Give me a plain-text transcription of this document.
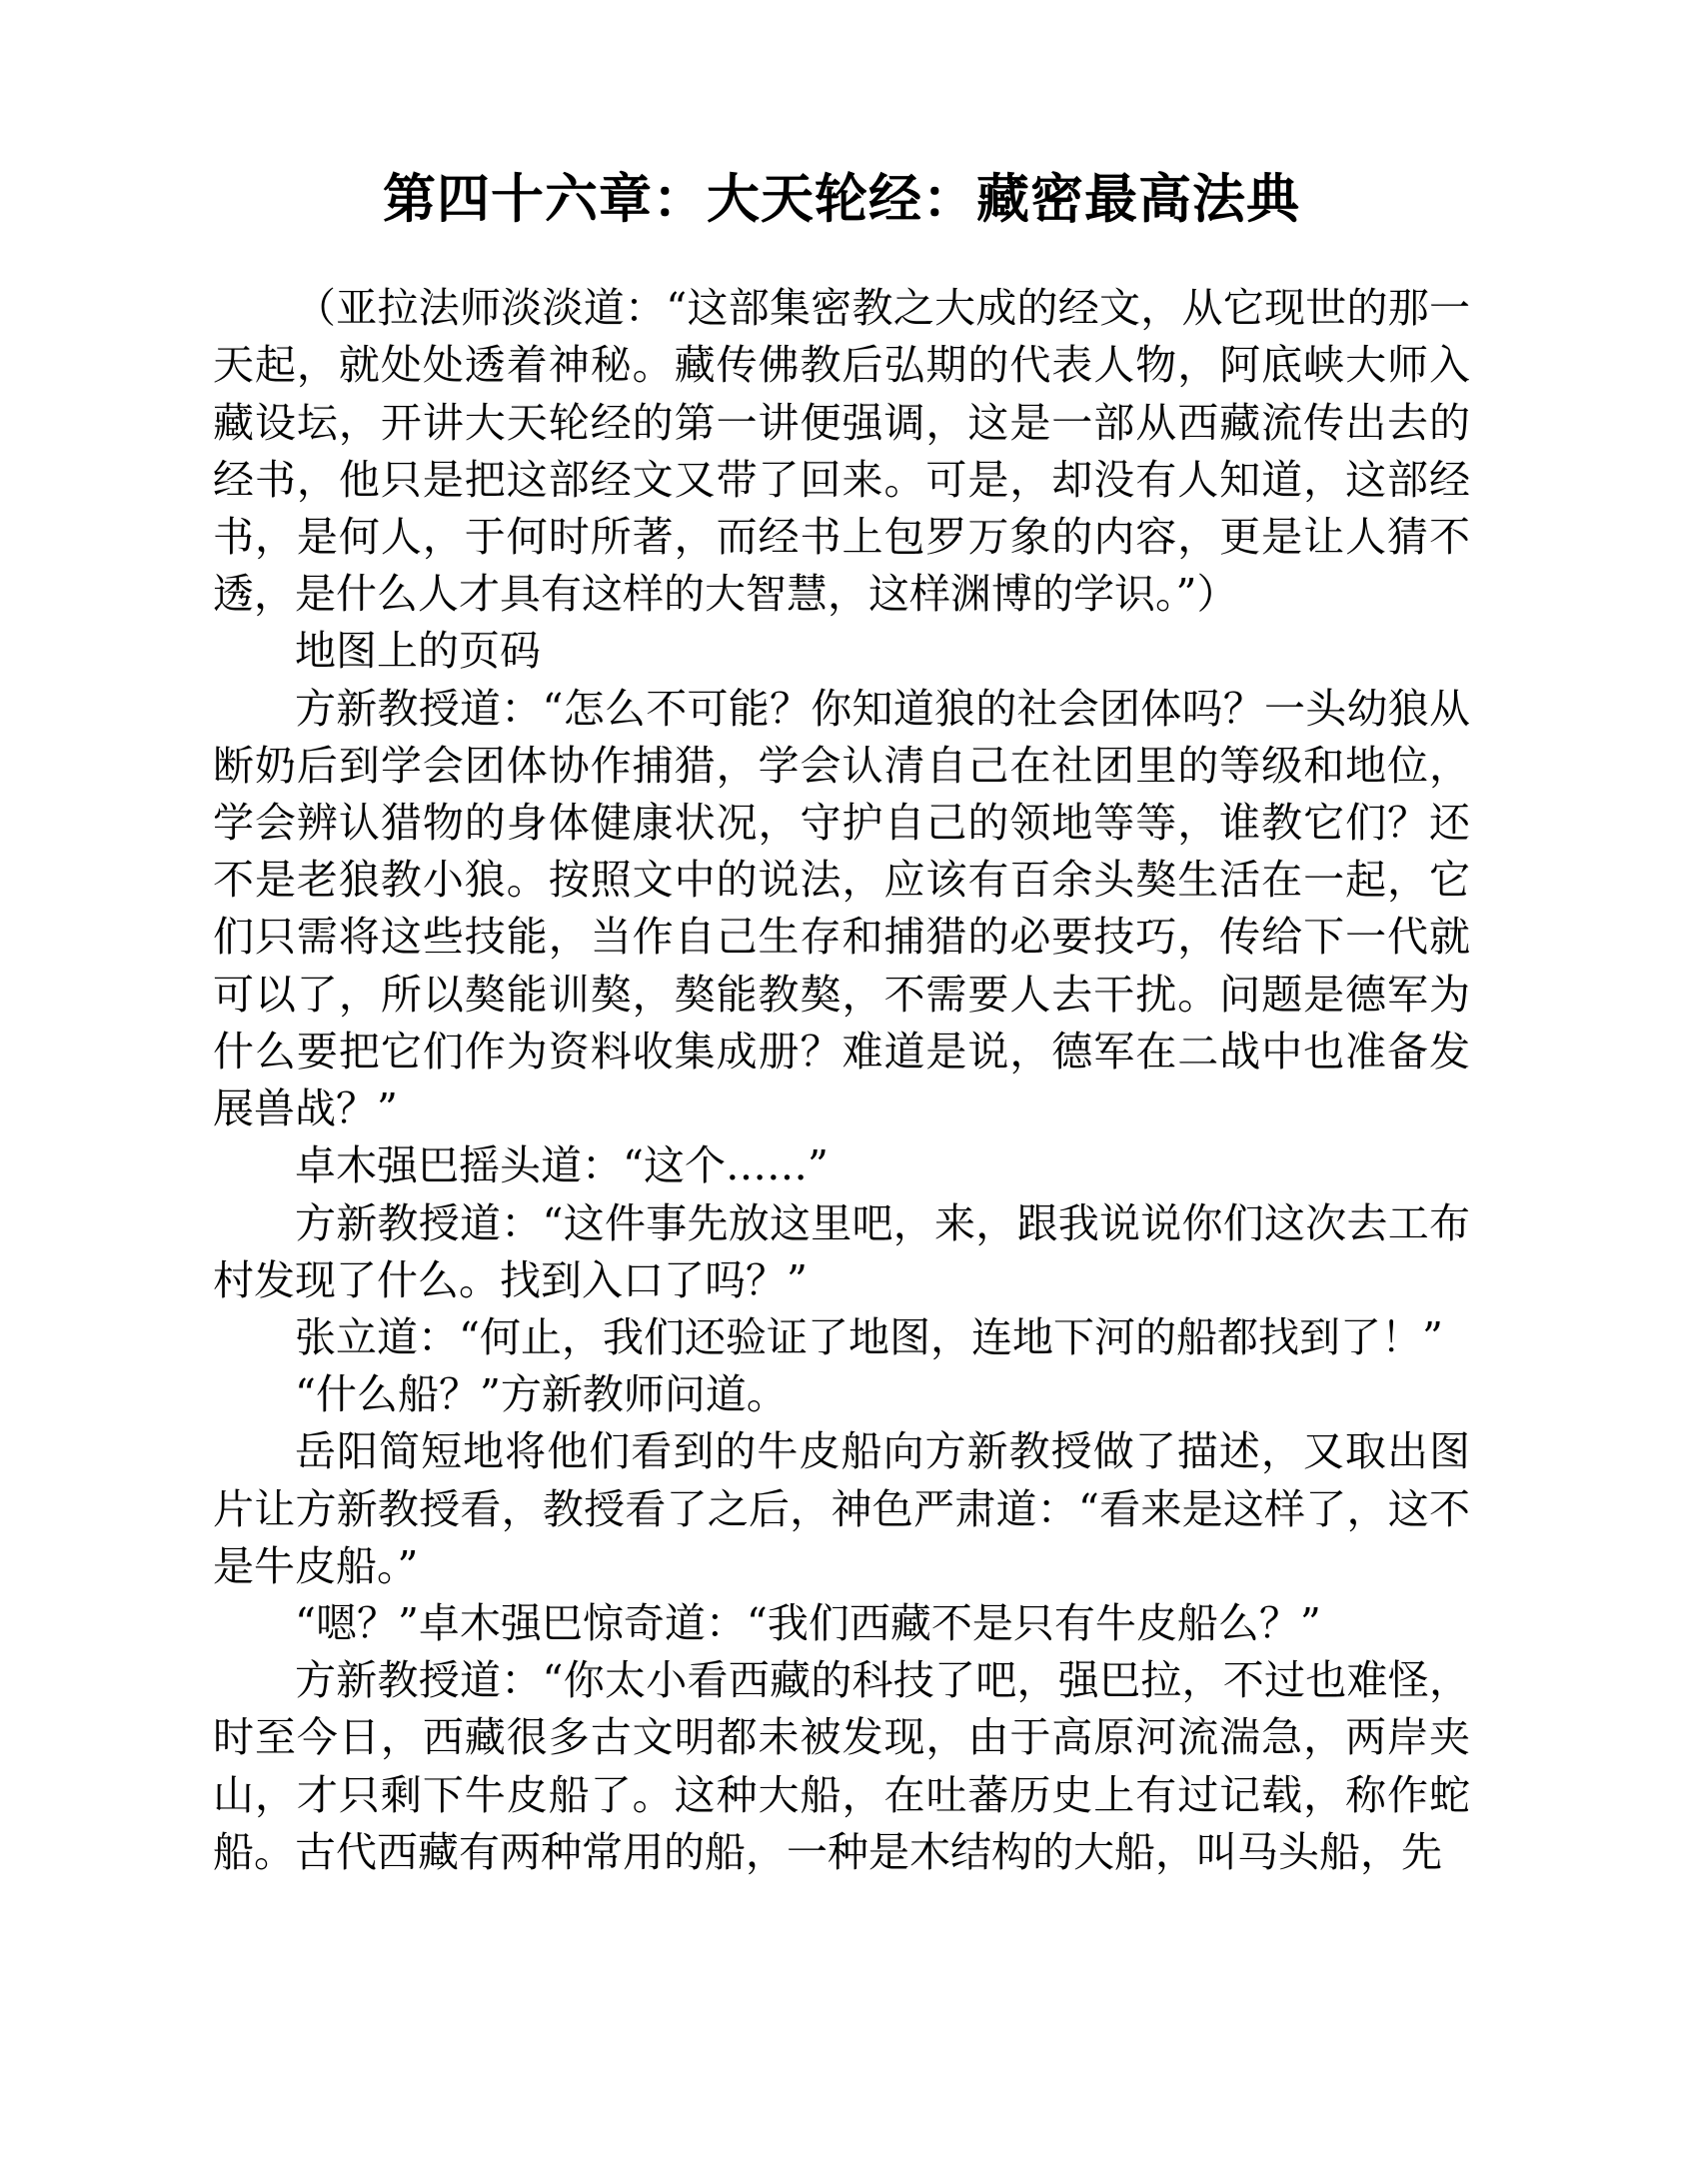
第四十六章：大天轮经：藏密最高法典

（亚拉法师淡淡道：“这部集密教之大成的经文，从它现世的那一天起，就处处透着神秘。藏传佛教后弘期的代表人物，阿底峡大师入藏设坛，开讲大天轮经的第一讲便强调，这是一部从西藏流传出去的经书，他只是把这部经文又带了回来。可是，却没有人知道，这部经书，是何人，于何时所著，而经书上包罗万象的内容，更是让人猜不透，是什么人才具有这样的大智慧，这样渊博的学识。”）

地图上的页码

方新教授道：“怎么不可能？你知道狼的社会团体吗？一头幼狼从断奶后到学会团体协作捕猎，学会认清自己在社团里的等级和地位，学会辨认猎物的身体健康状况，守护自己的领地等等，谁教它们？还不是老狼教小狼。按照文中的说法，应该有百余头獒生活在一起，它们只需将这些技能，当作自己生存和捕猎的必要技巧，传给下一代就可以了，所以獒能训獒，獒能教獒，不需要人去干扰。问题是德军为什么要把它们作为资料收集成册？难道是说，德军在二战中也准备发展兽战？”

卓木强巴摇头道：“这个……”

方新教授道：“这件事先放这里吧，来，跟我说说你们这次去工布村发现了什么。找到入口了吗？”

张立道：“何止，我们还验证了地图，连地下河的船都找到了！”

“什么船？”方新教师问道。

岳阳简短地将他们看到的牛皮船向方新教授做了描述，又取出图片让方新教授看，教授看了之后，神色严肃道：“看来是这样了，这不是牛皮船。”

“嗯？”卓木强巴惊奇道：“我们西藏不是只有牛皮船么？”

方新教授道：“你太小看西藏的科技了吧，强巴拉，不过也难怪，时至今日，西藏很多古文明都未被发现，由于高原河流湍急，两岸夹山，才只剩下牛皮船了。这种大船，在吐蕃历史上有过记载，称作蛇船。古代西藏有两种常用的船，一种是木结构的大船，叫马头船，先
